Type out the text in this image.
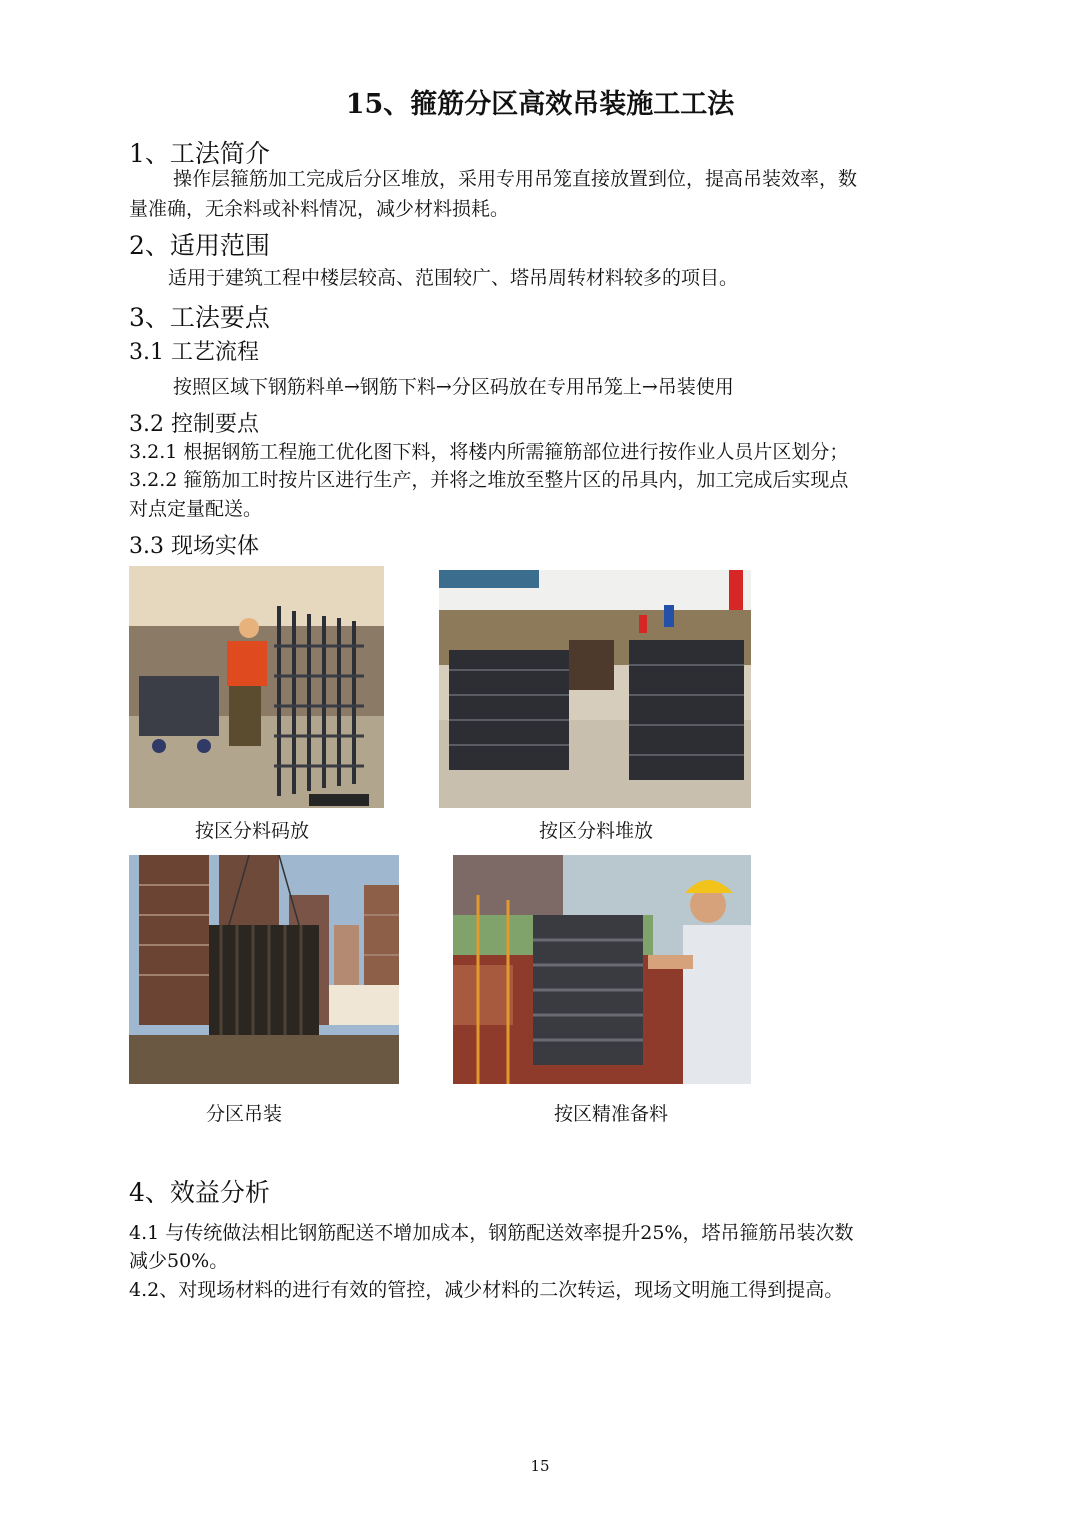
15、箍筋分区高效吊装施工工法
1、工法简介
操作层箍筋加工完成后分区堆放，采用专用吊笼直接放置到位，提高吊装效率，数
量准确，无余料或补料情况，减少材料损耗。
2、适用范围
适用于建筑工程中楼层较高、范围较广、塔吊周转材料较多的项目。
3、工法要点
3.1 工艺流程
按照区域下钢筋料单→钢筋下料→分区码放在专用吊笼上→吊装使用
3.2 控制要点
3.2.1 根据钢筋工程施工优化图下料，将楼内所需箍筋部位进行按作业人员片区划分；
3.2.2 箍筋加工时按片区进行生产，并将之堆放至整片区的吊具内，加工完成后实现点
对点定量配送。
3.3 现场实体
按区分料码放	按区分料堆放
分区吊装	按区精准备料
4、效益分析
4.1 与传统做法相比钢筋配送不增加成本，钢筋配送效率提升25%，塔吊箍筋吊装次数
减少50%。
4.2、对现场材料的进行有效的管控，减少材料的二次转运，现场文明施工得到提高。
15
